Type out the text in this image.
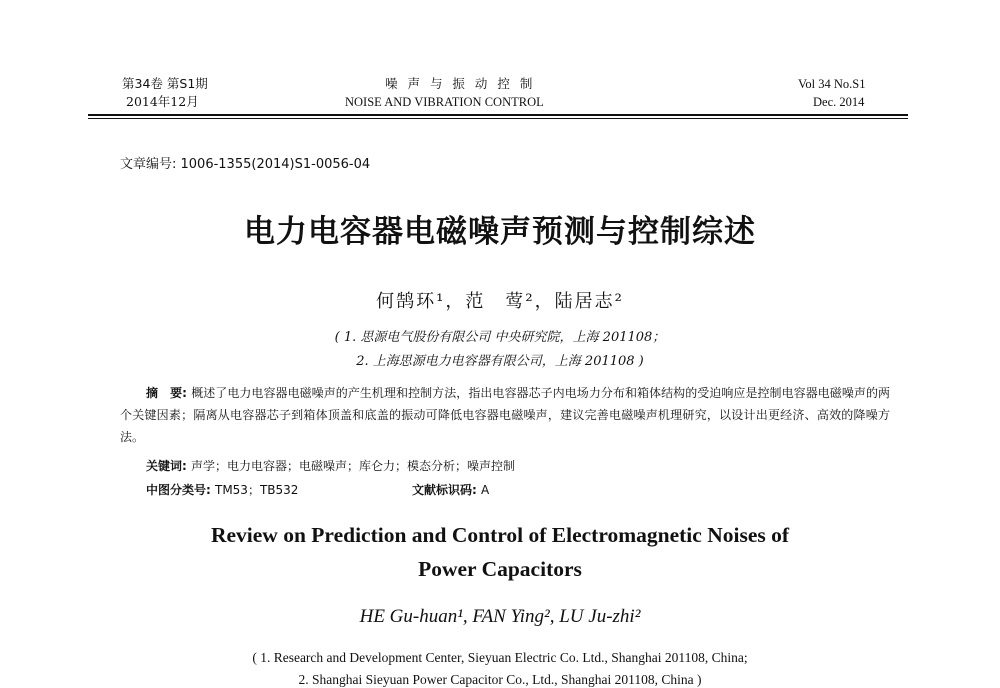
第34卷 第S1期
2014年12月
噪 声 与 振 动 控 制
NOISE AND VIBRATION CONTROL
Vol 34 No.S1
Dec. 2014
文章编号: 1006-1355(2014)S1-0056-04
电力电容器电磁噪声预测与控制综述
何鹄环¹，范　莺²，陆居志²
( 1. 思源电气股份有限公司 中央研究院，上海 201108；
2. 上海思源电力电容器有限公司，上海 201108 )
摘　要: 概述了电力电容器电磁噪声的产生机理和控制方法，指出电容器芯子内电场力分布和箱体结构的受迫响应是控制电容器电磁噪声的两个关键因素；隔离从电容器芯子到箱体顶盖和底盖的振动可降低电容器电磁噪声，建议完善电磁噪声机理研究，以设计出更经济、高效的降噪方法。
关键词: 声学；电力电容器；电磁噪声；库仑力；模态分析；噪声控制
中图分类号: TM53；TB532	文献标识码: A
Review on Prediction and Control of Electromagnetic Noises of
Power Capacitors
HE Gu-huan¹, FAN Ying², LU Ju-zhi²
( 1. Research and Development Center, Sieyuan Electric Co. Ltd., Shanghai 201108, China;
2. Shanghai Sieyuan Power Capacitor Co., Ltd., Shanghai 201108, China )
